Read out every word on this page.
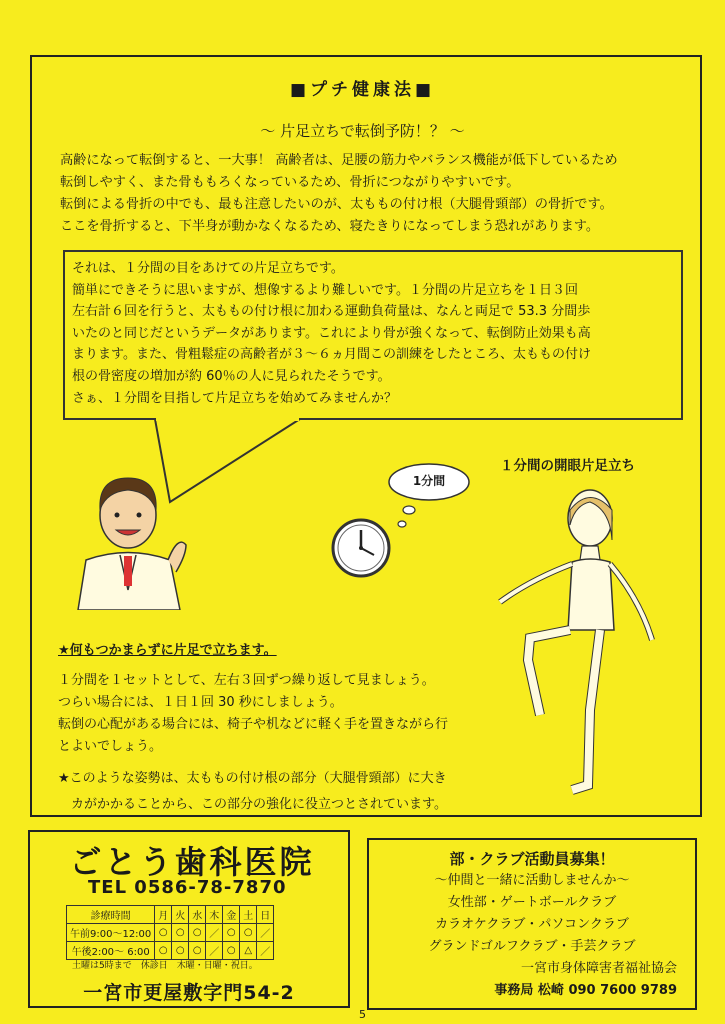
■プチ健康法■
～ 片足立ちで転倒予防！？ ～

高齢になって転倒すると、一大事！ 高齢者は、足腰の筋力やバランス機能が低下しているため

転倒しやすく、また骨ももろくなっているため、骨折につながりやすいです。

転倒による骨折の中でも、最も注意したいのが、太ももの付け根（大腿骨頸部）の骨折です。

ここを骨折すると、下半身が動かなくなるため、寝たきりになってしまう恐れがあります。

それは、１分間の目をあけての片足立ちです。

簡単にできそうに思いますが、想像するより難しいです。１分間の片足立ちを１日３回

左右計６回を行うと、太ももの付け根に加わる運動負荷量は、なんと両足で 53.3 分間歩

いたのと同じだというデータがあります。これにより骨が強くなって、転倒防止効果も高

まります。また、骨粗鬆症の高齢者が３～６ヵ月間この訓練をしたところ、太ももの付け

根の骨密度の増加が約 60％の人に見られたそうです。

さぁ、１分間を目指して片足立ちを始めてみませんか？

1分間
１分間の開眼片足立ち

★何もつかまらずに片足で立ちます。

１分間を１セットとして、左右３回ずつ繰り返して見ましょう。

つらい場合には、１日１回 30 秒にしましょう。

転倒の心配がある場合には、椅子や机などに軽く手を置きながら行

とよいでしょう。

★このような姿勢は、太ももの付け根の部分（大腿骨頸部）に大き

　カがかかることから、この部分の強化に役立つとされています。

ごとう歯科医院
TEL 0586-78-7870
診療時間	月	火	水	木	金	土	日
午前9:00～12:00	○	○	○	／	○	○	／
午後2:00～ 6:00	○	○	○	／	○	△	／
土曜は5時まで　休診日　木曜・日曜・祝日。
一宮市更屋敷字門54-2

部・クラブ活動員募集！

～仲間と一緒に活動しませんか～

女性部・ゲートボールクラブ

カラオケクラブ・パソコンクラブ

グランドゴルフクラブ・手芸クラブ

一宮市身体障害者福祉協会

事務局 松崎 090 7600 9789

5
